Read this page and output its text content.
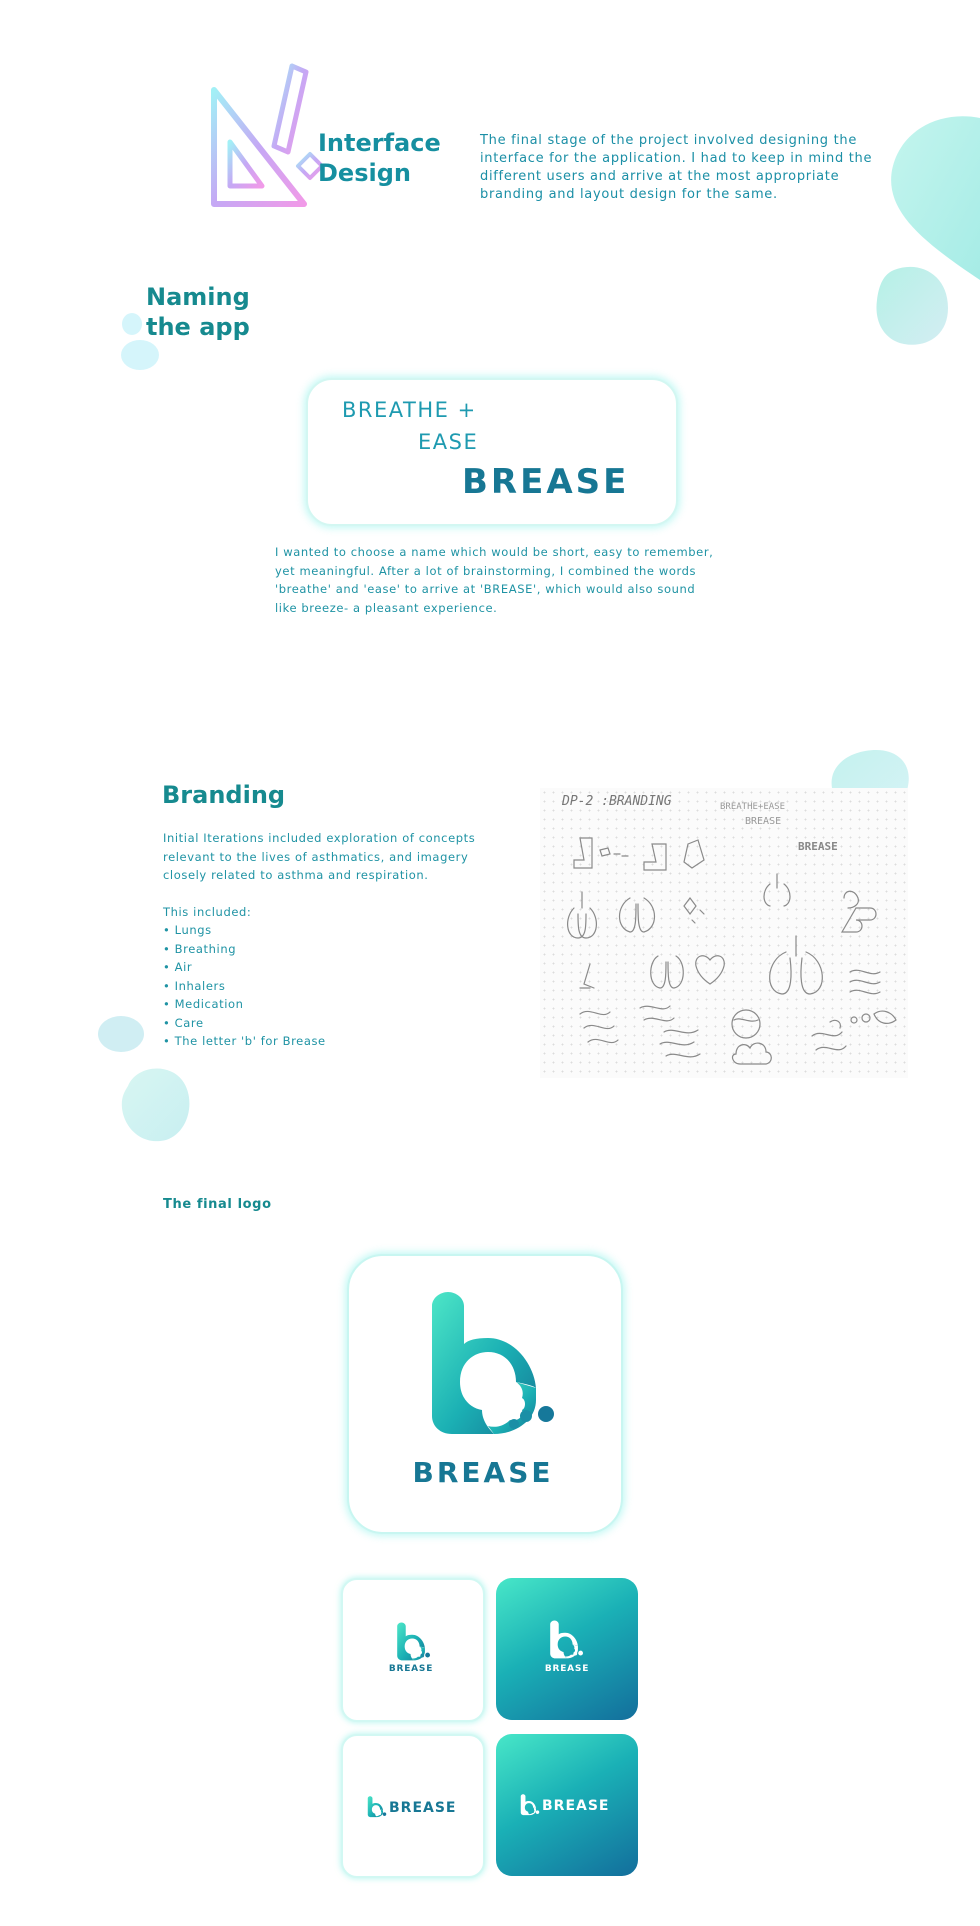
Interface
Design
The final stage of the project involved designing the interface for the application. I had to keep in mind the different users and arrive at the most appropriate branding and layout design for the same.
Naming
the app
BREATHE +
EASE
BREASE
I wanted to choose a name which would be short, easy to remember, yet meaningful. After a lot of brainstorming, I combined the words 'breathe' and 'ease' to arrive at 'BREASE', which would also sound like breeze- a pleasant experience.
Branding
Initial Iterations included exploration of concepts relevant to the lives of asthmatics, and imagery closely related to asthma and respiration.
This included:
• Lungs
• Breathing
• Air
• Inhalers
• Medication
• Care
• The letter 'b' for Brease
DP-2 :BRANDING	BREATHE+EASE
BREASE
BREASE
The final logo
BREASE
BREASE	BREASE
BREASE	BREASE
